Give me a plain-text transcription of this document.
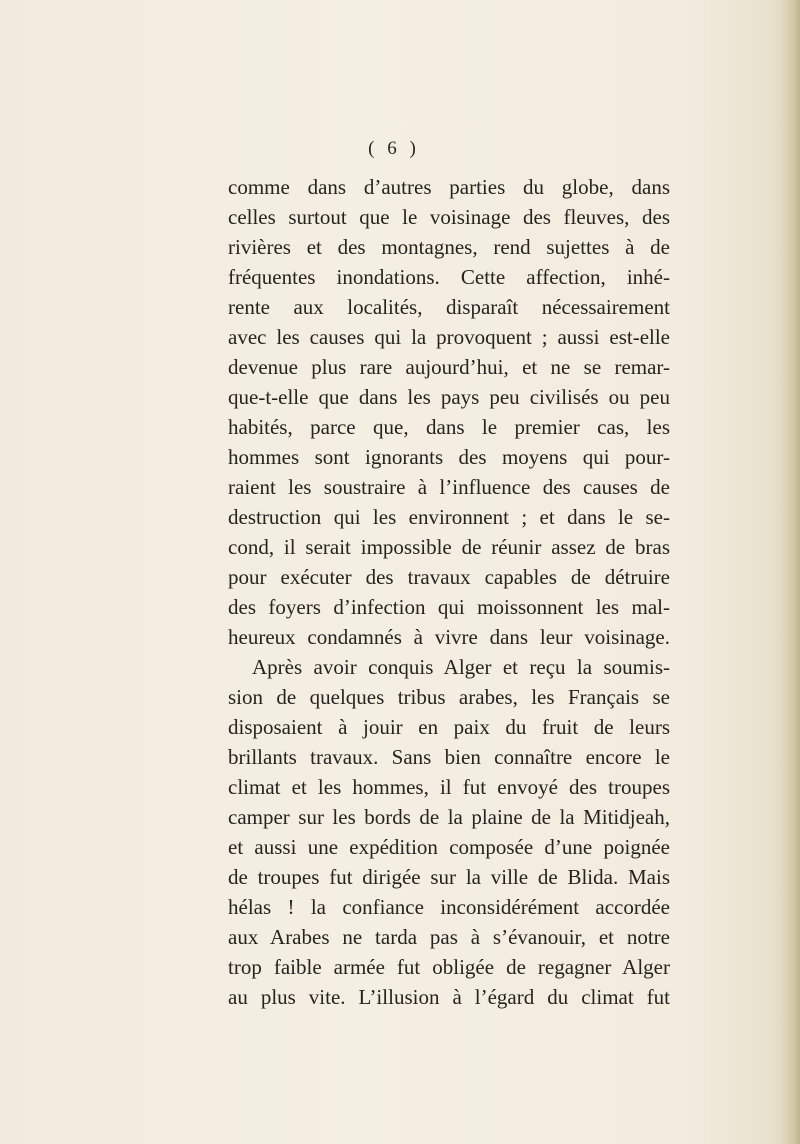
( 6 )
comme dans d’autres parties du globe, dans
celles surtout que le voisinage des fleuves, des
rivières et des montagnes, rend sujettes à de
fréquentes inondations. Cette affection, inhé-
rente aux localités, disparaît nécessairement
avec les causes qui la provoquent ; aussi est-elle
devenue plus rare aujourd’hui, et ne se remar-
que-t-elle que dans les pays peu civilisés ou peu
habités, parce que, dans le premier cas, les
hommes sont ignorants des moyens qui pour-
raient les soustraire à l’influence des causes de
destruction qui les environnent ; et dans le se-
cond, il serait impossible de réunir assez de bras
pour exécuter des travaux capables de détruire
des foyers d’infection qui moissonnent les mal-
heureux condamnés à vivre dans leur voisinage.
Après avoir conquis Alger et reçu la soumis-
sion de quelques tribus arabes, les Français se
disposaient à jouir en paix du fruit de leurs
brillants travaux. Sans bien connaître encore le
climat et les hommes, il fut envoyé des troupes
camper sur les bords de la plaine de la Mitidjeah,
et aussi une expédition composée d’une poignée
de troupes fut dirigée sur la ville de Blida. Mais
hélas ! la confiance inconsidérément accordée
aux Arabes ne tarda pas à s’évanouir, et notre
trop faible armée fut obligée de regagner Alger
au plus vite. L’illusion à l’égard du climat fut
